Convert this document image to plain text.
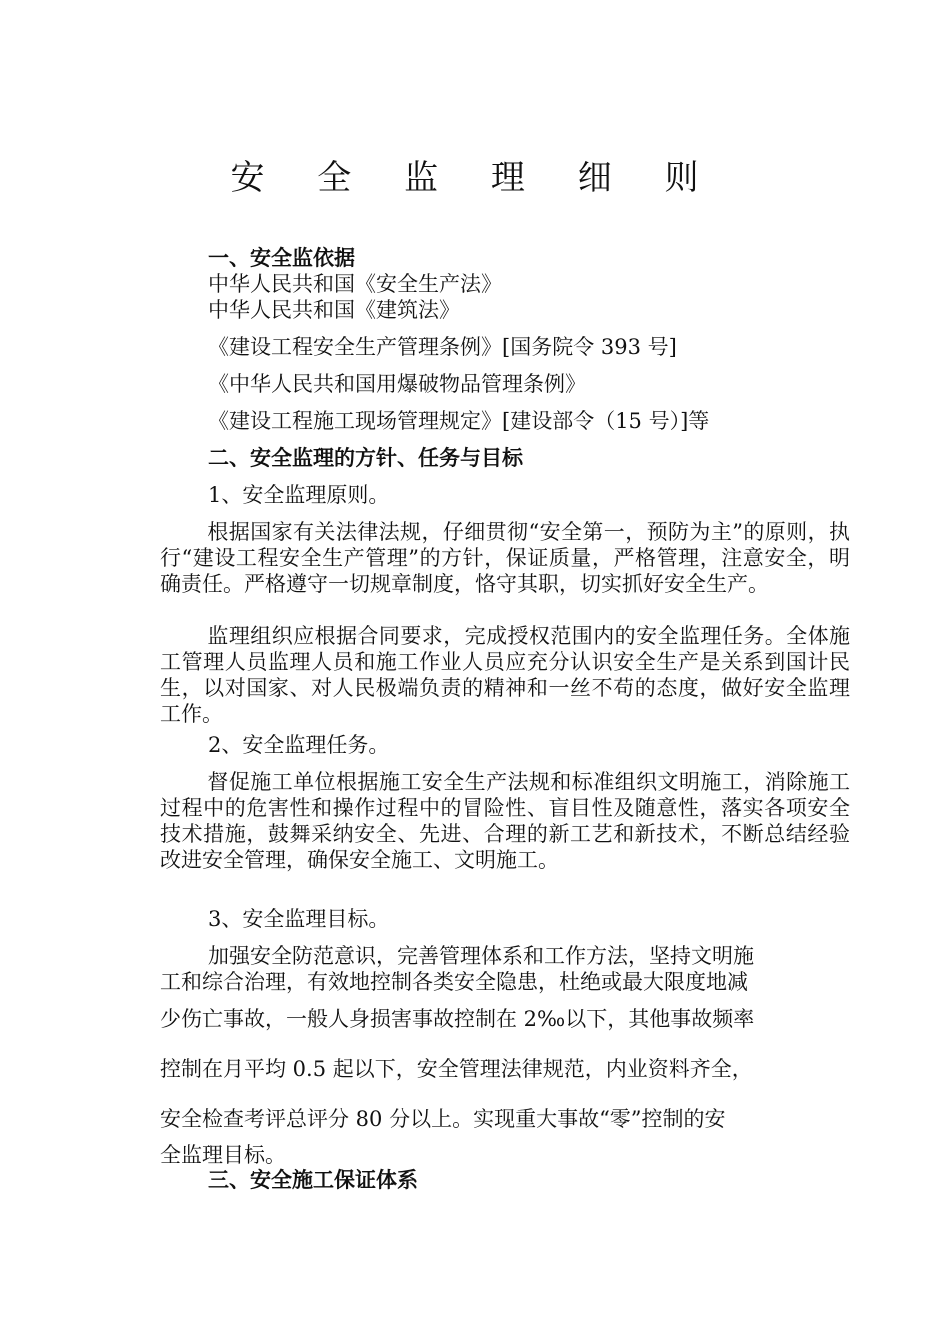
安 全 监 理 细 则
一、安全监依据
中华人民共和国《安全生产法》
中华人民共和国《建筑法》
《建设工程安全生产管理条例》[国务院令 393 号]
《中华人民共和国用爆破物品管理条例》
《建设工程施工现场管理规定》[建设部令（15 号）]等
二、安全监理的方针、任务与目标
1、安全监理原则。
根据国家有关法律法规，仔细贯彻“安全第一，预防为主”的原则，执行“建设工程安全生产管理”的方针，保证质量，严格管理，注意安全，明确责任。严格遵守一切规章制度，恪守其职，切实抓好安全生产。
监理组织应根据合同要求，完成授权范围内的安全监理任务。全体施工管理人员监理人员和施工作业人员应充分认识安全生产是关系到国计民生，以对国家、对人民极端负责的精神和一丝不苟的态度，做好安全监理工作。
2、安全监理任务。
督促施工单位根据施工安全生产法规和标准组织文明施工，消除施工过程中的危害性和操作过程中的冒险性、盲目性及随意性，落实各项安全技术措施，鼓舞采纳安全、先进、合理的新工艺和新技术，不断总结经验改进安全管理，确保安全施工、文明施工。
3、安全监理目标。
加强安全防范意识，完善管理体系和工作方法，坚持文明施
工和综合治理，有效地控制各类安全隐患，杜绝或最大限度地减
少伤亡事故，一般人身损害事故控制在 2‰以下，其他事故频率
控制在月平均 0.5 起以下，安全管理法律规范，内业资料齐全，
安全检查考评总评分 80 分以上。实现重大事故“零”控制的安
全监理目标。
三、安全施工保证体系
